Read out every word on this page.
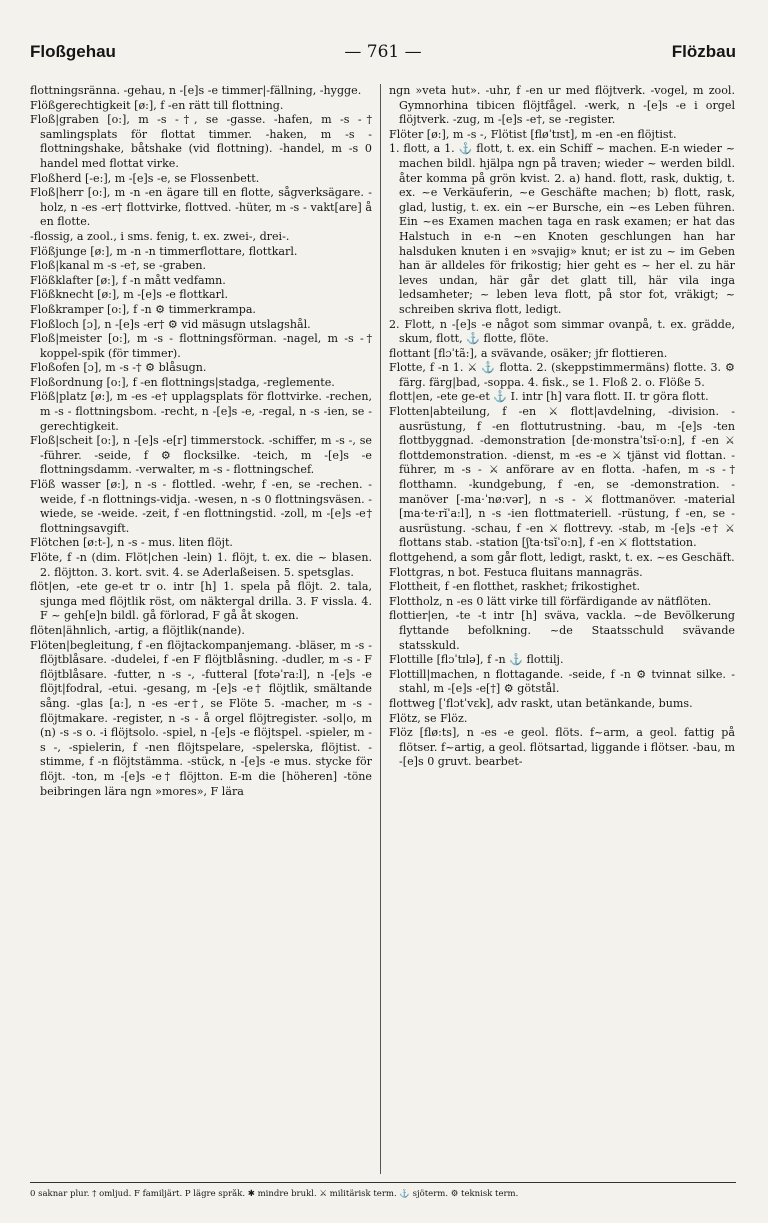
Floßgehau	— 761 —	Flözbau

flottningsränna. -gehau, n -[e]s -e timmer|-fällning, -hygge.

Flößgerechtigkeit [ø:], f -en rätt till flottning.

Floß|graben [o:], m -s -†, se -gasse. -hafen, m -s -† samlingsplats för flottat timmer. -haken, m -s - flottningshake, båtshake (vid flottning). -handel, m -s 0 handel med flottat virke.

Floßherd [-e:], m -[e]s -e, se Flossenbett.

Floß|herr [o:], m -n -en ägare till en flotte, sågverksägare. -holz, n -es -er† flottvirke, flottved. -hüter, m -s - vakt[are] å en flotte.

-flossig, a zool., i sms. fenig, t. ex. zwei-, drei-.

Flößjunge [ø:], m -n -n timmerflottare, flottkarl.

Floß|kanal m -s -e†, se -graben.

Flößklafter [ø:], f -n mått vedfamn.

Flößknecht [ø:], m -[e]s -e flottkarl.

Floßkramper [o:], f -n ⚙ timmerkrampa.

Floßloch [ɔ], n -[e]s -er† ⚙ vid mäsugn utslagshål.

Floß|meister [o:], m -s - flottningsförman. -nagel, m -s -† koppel-spik (för timmer).

Floßofen [ɔ], m -s -† ⚙ blåsugn.

Floßordnung [o:], f -en flottnings|stadga, -reglemente.

Flöß|platz [ø:], m -es -e† upplagsplats för flottvirke. -rechen, m -s - flottningsbom. -recht, n -[e]s -e, -regal, n -s -ien, se -gerechtigkeit.

Floß|scheit [o:], n -[e]s -e[r] timmerstock. -schiffer, m -s -, se -führer. -seide, f ⚙ flocksilke. -teich, m -[e]s -e flottningsdamm. -verwalter, m -s - flottningschef.

Flöß wasser [ø:], n -s - flottled. -wehr, f -en, se -rechen. -weide, f -n flottnings-vidja. -wesen, n -s 0 flottningsväsen. -wiede, se -weide. -zeit, f -en flottningstid. -zoll, m -[e]s -e† flottningsavgift.

Flötchen [ø:t-], n -s - mus. liten flöjt.

Flöte, f -n (dim. Flöt|chen -lein) 1. flöjt, t. ex. die ~ blasen. 2. flöjtton. 3. kort. svit. 4. se Aderlaßeisen. 5. spetsglas.

flöt|en, -ete ge-et tr o. intr [h] 1. spela på flöjt. 2. tala, sjunga med flöjtlik röst, om näktergal drilla. 3. F vissla. 4. F ~ geh[e]n bildl. gå förlorad, F gå åt skogen.

flöten|ähnlich, -artig, a flöjtlik(nande).

Flöten|begleitung, f -en flöjtackompanjemang. -bläser, m -s - flöjtblåsare. -dudelei, f -en F flöjtblåsning. -dudler, m -s - F flöjtblåsare. -futter, n -s -, -futteral [fʊtəˈra:l], n -[e]s -e flöjt|fodral, -etui. -gesang, m -[e]s -e† flöjtlik, smältande sång. -glas [a:], n -es -er†, se Flöte 5. -macher, m -s - flöjtmakare. -register, n -s - å orgel flöjtregister. -sol|o, m (n) -s -s o. -i flöjtsolo. -spiel, n -[e]s -e flöjtspel. -spieler, m -s -, -spielerin, f -nen flöjtspelare, -spelerska, flöjtist. -stimme, f -n flöjtstämma. -stück, n -[e]s -e mus. stycke för flöjt. -ton, m -[e]s -e† flöjtton. E-m die [höheren] -töne beibringen lära ngn »mores», F lära

ngn »veta hut». -uhr, f -en ur med flöjtverk. -vogel, m zool. Gymnorhina tibicen flöjtfågel. -werk, n -[e]s -e i orgel flöjtverk. -zug, m -[e]s -e†, se -register.

Flöter [ø:], m -s -, Flötist [fløˈtɪst], m -en -en flöjtist.

1. flott, a 1. ⚓ flott, t. ex. ein Schiff ~ machen. E-n wieder ~ machen bildl. hjälpa ngn på traven; wieder ~ werden bildl. åter komma på grön kvist. 2. a) hand. flott, rask, duktig, t. ex. ~e Verkäuferin, ~e Geschäfte machen; b) flott, rask, glad, lustig, t. ex. ein ~er Bursche, ein ~es Leben führen. Ein ~es Examen machen taga en rask examen; er hat das Halstuch in e-n ~en Knoten geschlungen han har halsduken knuten i en »svajig» knut; er ist zu ~ im Geben han är alldeles för frikostig; hier geht es ~ her el. zu här leves undan, här går det glatt till, här vila inga ledsamheter; ~ leben leva flott, på stor fot, vräkigt; ~ schreiben skriva flott, ledigt.

2. Flott, n -[e]s -e något som simmar ovanpå, t. ex. grädde, skum, flott, ⚓ flotte, flöte.

flottant [flɔˈtã:], a svävande, osäker; jfr flottieren.

Flotte, f -n 1. ⚔ ⚓ flotta. 2. (skeppstimmermäns) flotte. 3. ⚙ färg. färg|bad, -soppa. 4. fisk., se 1. Floß 2. o. Flöße 5.

flott|en, -ete ge-et ⚓ I. intr [h] vara flott. II. tr göra flott.

Flotten|abteilung, f -en ⚔ flott|avdelning, -division. -ausrüstung, f -en flottutrustning. -bau, m -[e]s -ten flottbyggnad. -demonstration [de·monstraˈtsĭ·o:n], f -en ⚔ flottdemonstration. -dienst, m -es -e ⚔ tjänst vid flottan. -führer, m -s - ⚔ anförare av en flotta. -hafen, m -s -† flotthamn. -kundgebung, f -en, se -demonstration. -manöver [-ma·ˈnø:vər], n -s - ⚔ flottmanöver. -material [ma·te·rĭˈa:l], n -s -ien flottmateriell. -rüstung, f -en, se -ausrüstung. -schau, f -en ⚔ flottrevy. -stab, m -[e]s -e† ⚔ flottans stab. -station [ʃta·tsĭˈo:n], f -en ⚔ flottstation.

flottgehend, a som går flott, ledigt, raskt, t. ex. ~es Geschäft.

Flottgras, n bot. Festuca fluitans mannagräs.

Flottheit, f -en flotthet, raskhet; frikostighet.

Flottholz, n -es 0 lätt virke till förfärdigande av nätflöten.

flottier|en, -te -t intr [h] sväva, vackla. ~de Bevölkerung flyttande befolkning. ~de Staatsschuld svävande statsskuld.

Flottille [flɔˈtɪlə], f -n ⚓ flottilj.

Flottill|machen, n flottagande. -seide, f -n ⚙ tvinnat silke. -stahl, m -[e]s -e[†] ⚙ götstål.

flottweg [ˈflɔtˈvɛk], adv raskt, utan betänkande, bums.

Flötz, se Flöz.

Flöz [flø:ts], n -es -e geol. flöts. f~arm, a geol. fattig på flötser. f~artig, a geol. flötsartad, liggande i flötser. -bau, m -[e]s 0 gruvt. bearbet-

0 saknar plur. † omljud. F familjärt. P lägre språk. ✱ mindre brukl. ⚔ militärisk term. ⚓ sjöterm. ⚙ teknisk term.
